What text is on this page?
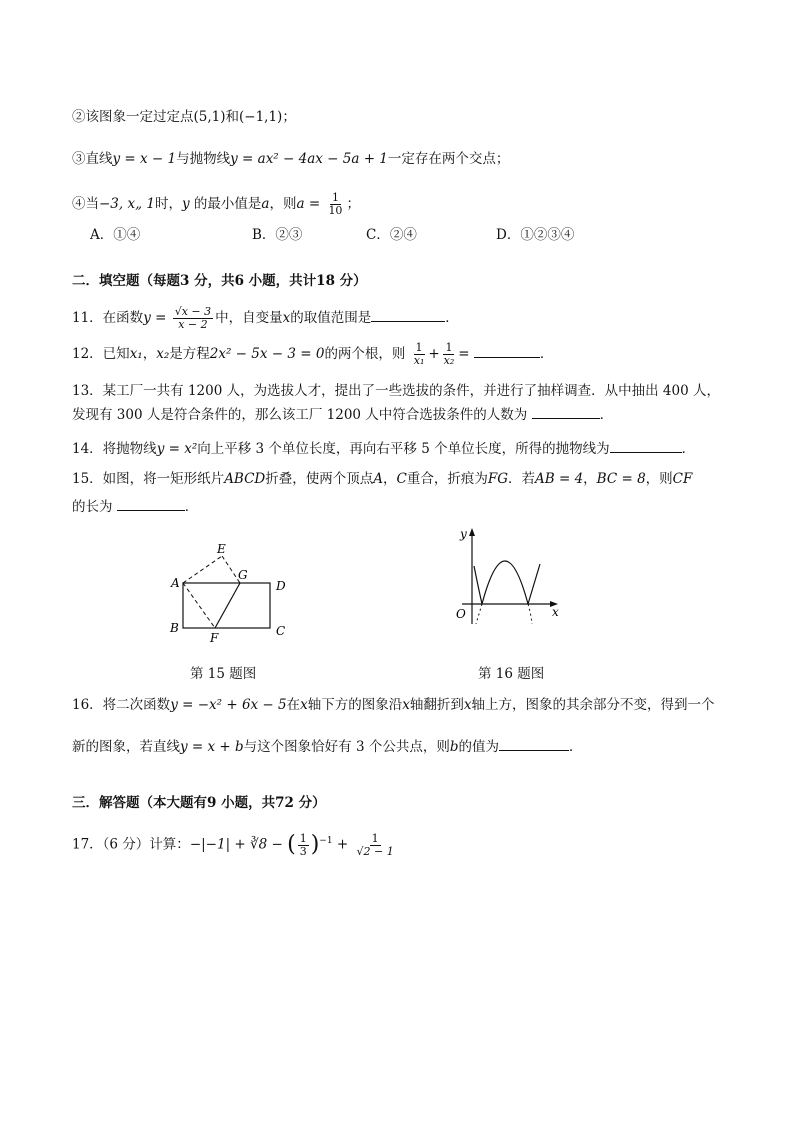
②该图象一定过定点(5,1)和(−1,1)；
③直线y = x − 1与抛物线y = ax² − 4ax − 5a + 1一定存在两个交点；
④当−3, x„ 1时，y 的最小值是a，则$a = \frac{1}{10}$ ；
A．①④	B．②③	C．②④	D．①②③④
二．填空题（每题3 分，共6 小题，共计18 分）
11．在函数$y = \frac{√x - 3}{x - 2}$ 中，自变量x的取值范围是	．
12．已知x₁，x₂是方程2x² − 5x − 3 = 0的两个根，则 $\frac{1}{\text{x₁}} + \frac{1}{\text{x₂}}$ =	．
13．某工厂一共有 1200 人，为选拔人才，提出了一些选拔的条件，并进行了抽样调查．从中抽出 400 人，
发现有 300 人是符合条件的，那么该工厂 1200 人中符合选拔条件的人数为	．
14．将抛物线y = x²向上平移 3 个单位长度，再向右平移 5 个单位长度，所得的抛物线为	．
15．如图，将一矩形纸片ABCD折叠，使两个顶点A，C重合，折痕为FG．若AB = 4，BC = 8，则CF
的长为	．
E
A
G
D
B
F	C
第 15 题图
y
O	x
第 16 题图
16．将二次函数y = −x² + 6x − 5在x轴下方的图象沿x轴翻折到x轴上方，图象的其余部分不变，得到一个
新的图象，若直线y = x + b与这个图象恰好有 3 个公共点，则b的值为	．
三．解答题（本大题有9 小题，共72 分）
17．（6 分）计算：−|−1| + ∛8 − ( $\frac{1}{3} )^{-1} + \frac{1}{√2 - 1}$
